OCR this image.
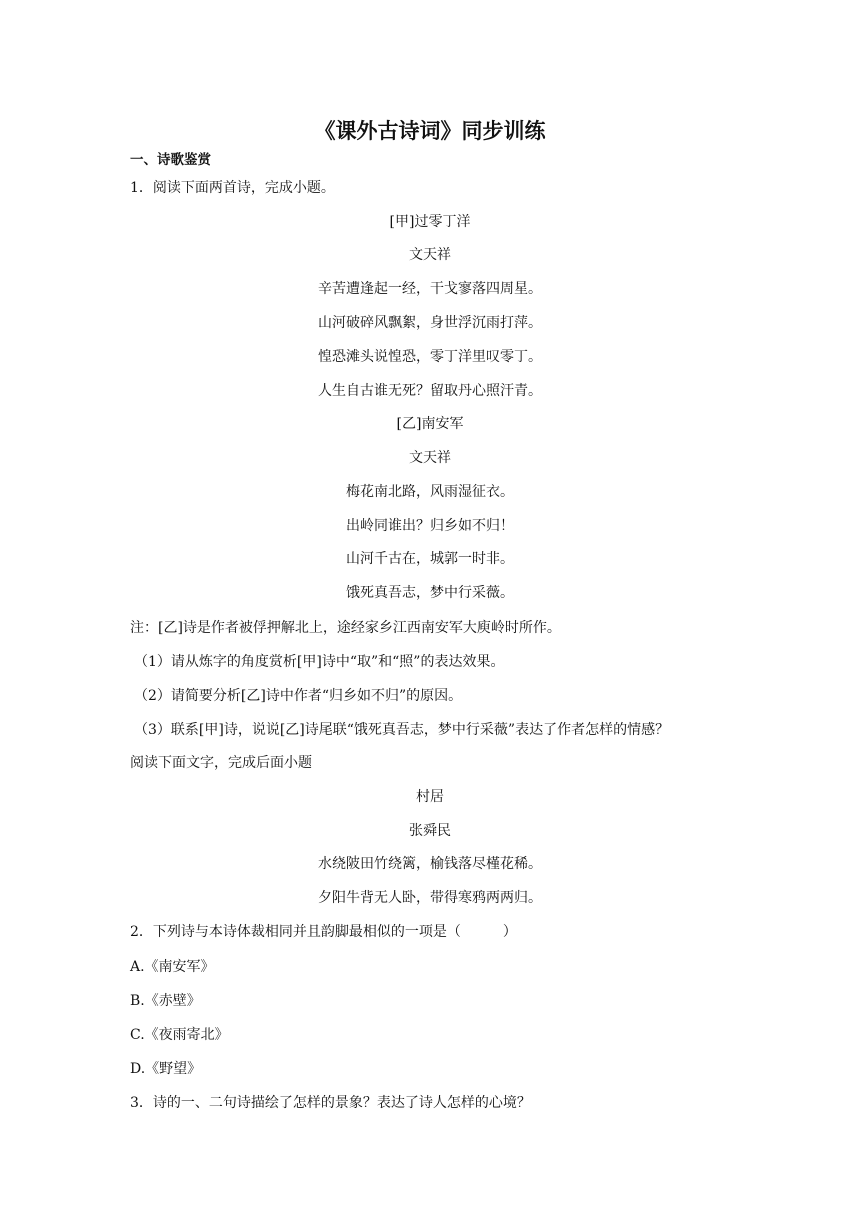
《课外古诗词》同步训练
一、诗歌鉴赏
1．阅读下面两首诗，完成小题。
[甲]过零丁洋
文天祥
辛苦遭逢起一经，干戈寥落四周星。
山河破碎风飘絮，身世浮沉雨打萍。
惶恐滩头说惶恐，零丁洋里叹零丁。
人生自古谁无死？留取丹心照汗青。
[乙]南安军
文天祥
梅花南北路，风雨湿征衣。
出岭同谁出？归乡如不归！
山河千古在，城郭一时非。
饿死真吾志，梦中行采薇。
注：[乙]诗是作者被俘押解北上，途经家乡江西南安军大庾岭时所作。
（1）请从炼字的角度赏析[甲]诗中“取”和“照”的表达效果。
（2）请简要分析[乙]诗中作者“归乡如不归”的原因。
（3）联系[甲]诗，说说[乙]诗尾联“饿死真吾志，梦中行采薇”表达了作者怎样的情感？
阅读下面文字，完成后面小题
村居
张舜民
水绕陂田竹绕篱，榆钱落尽槿花稀。
夕阳牛背无人卧，带得寒鸦两两归。
2．下列诗与本诗体裁相同并且韵脚最相似的一项是（　　　）
A.《南安军》
B.《赤壁》
C.《夜雨寄北》
D.《野望》
3．诗的一、二句诗描绘了怎样的景象？表达了诗人怎样的心境？
